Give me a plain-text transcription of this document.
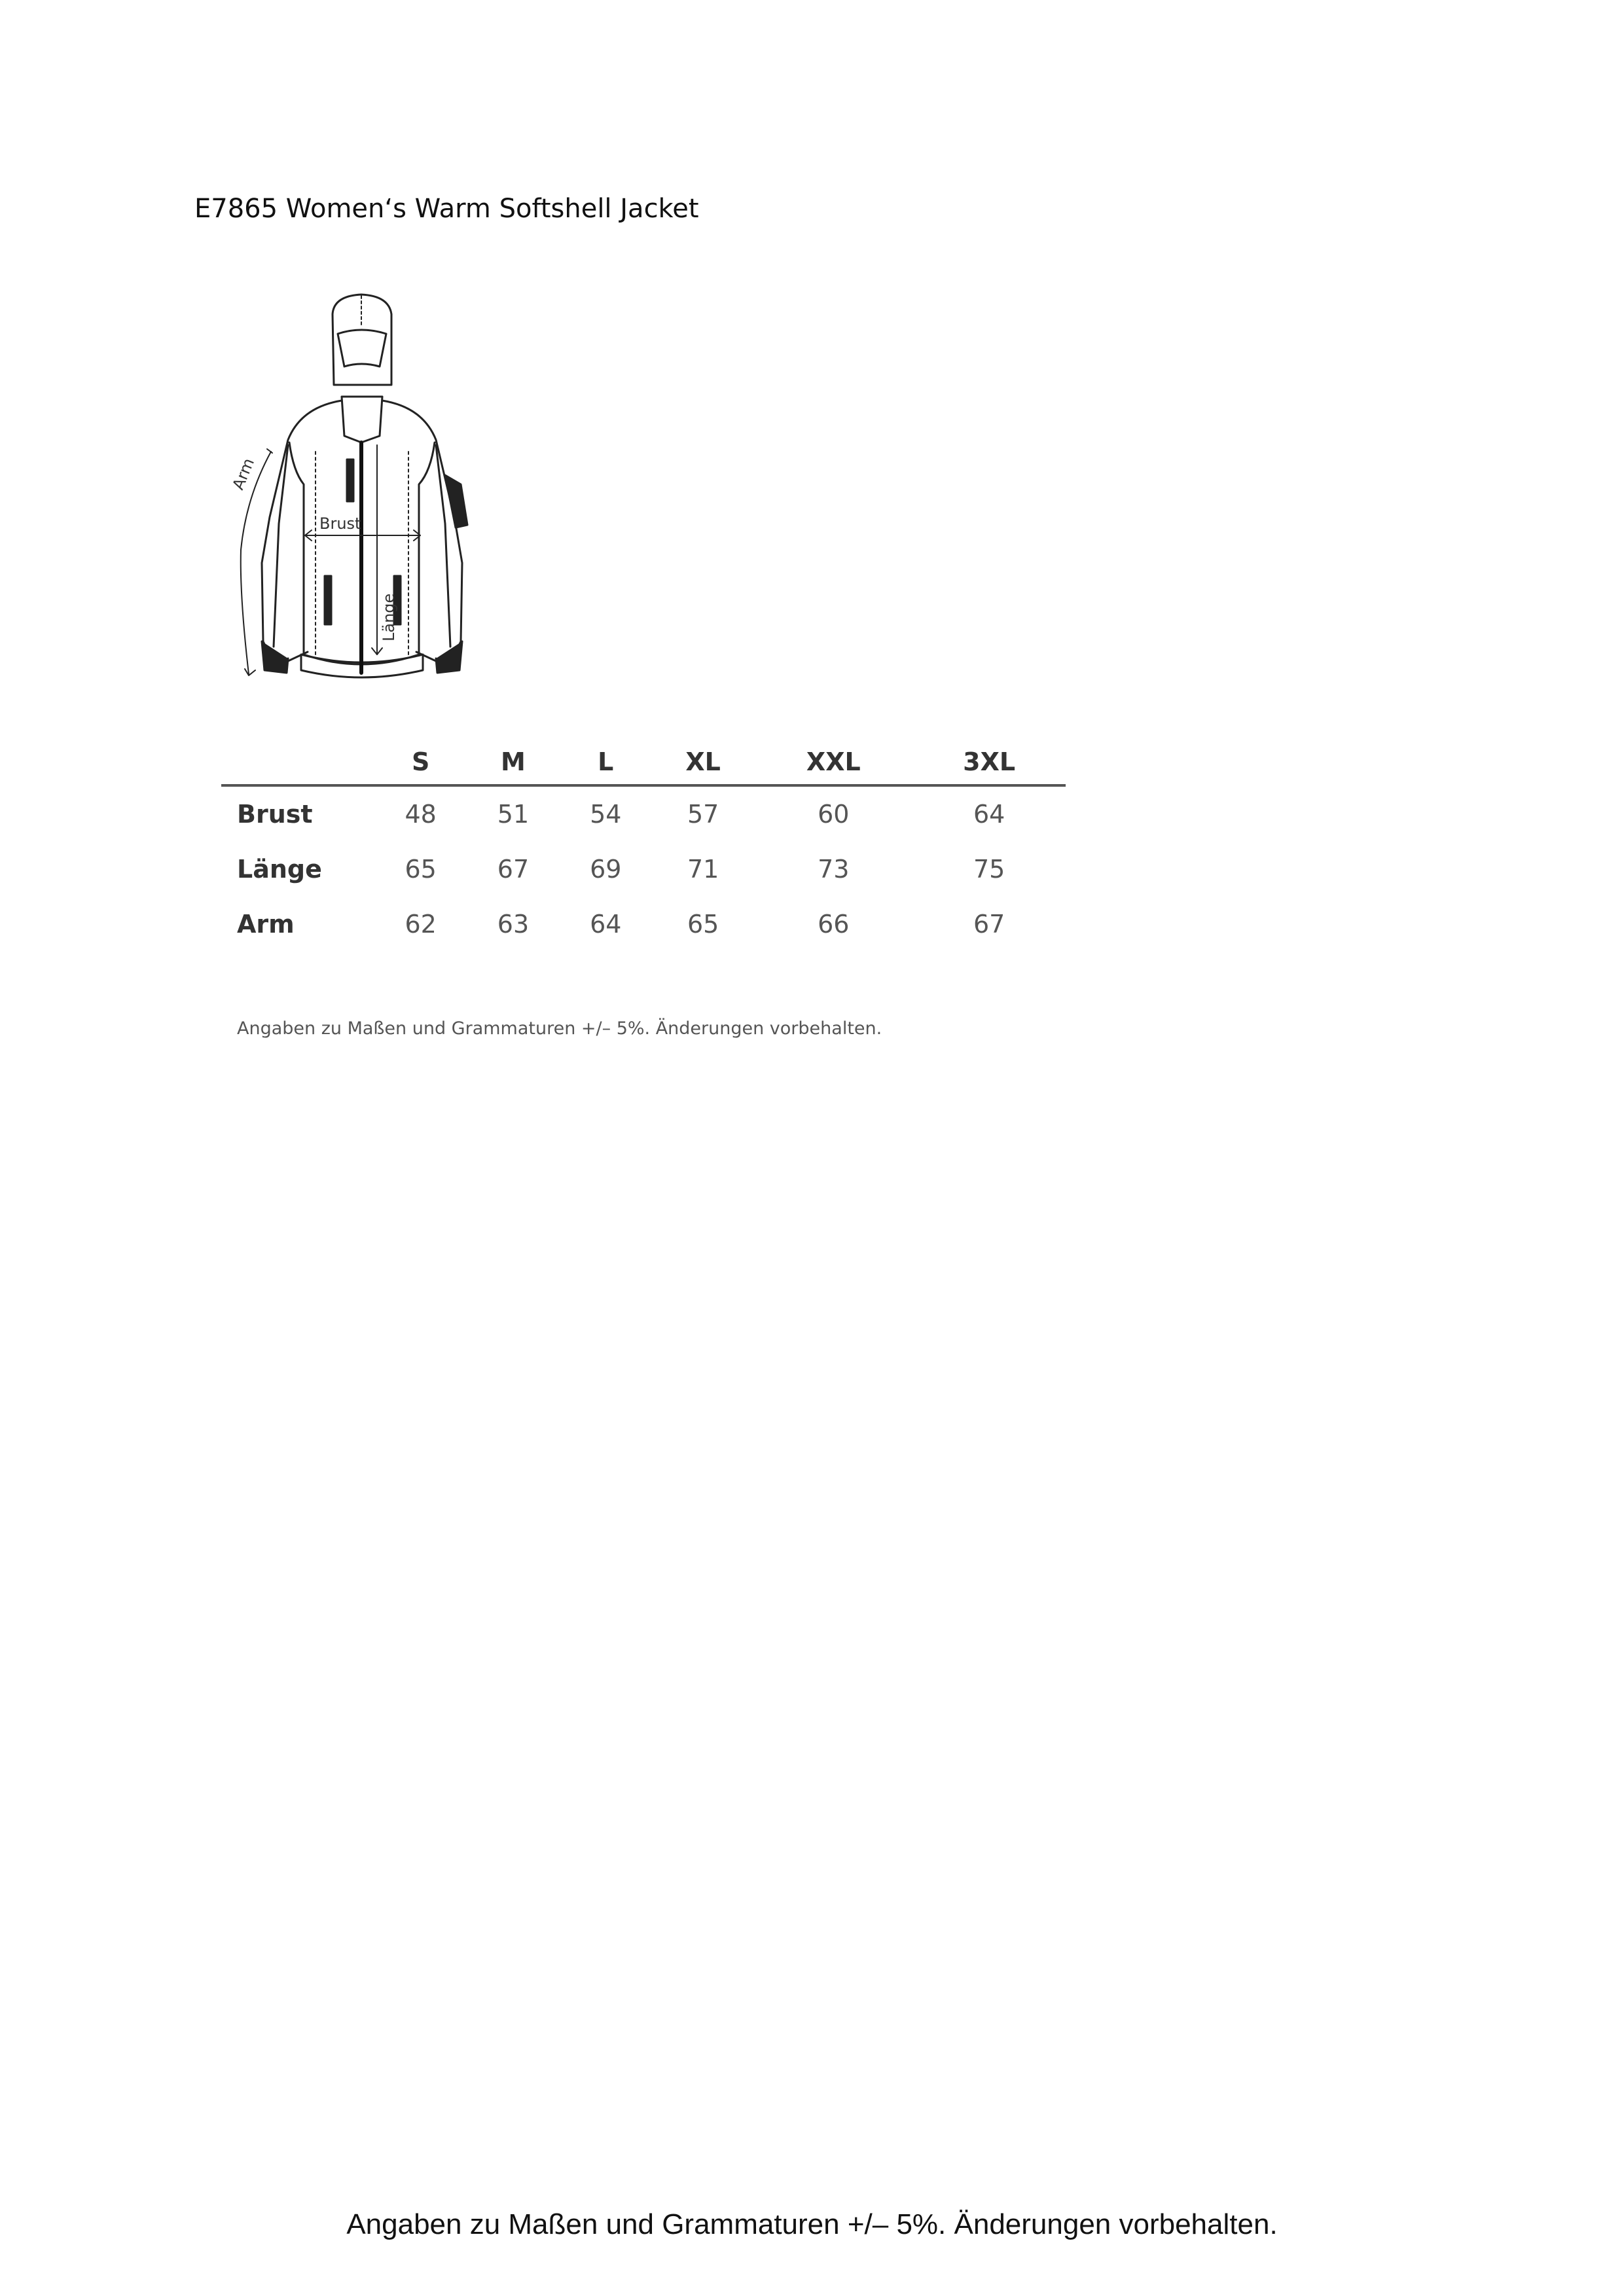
E7865 Women‘s Warm Softshell Jacket
Brust
Länge
Arm
	S	M	L	XL	XXL	3XL
Brust	48	51	54	57	60	64
Länge	65	67	69	71	73	75
Arm	62	63	64	65	66	67
Angaben zu Maßen und Grammaturen +/– 5%. Änderungen vorbehalten.
Angaben zu Maßen und Grammaturen +/– 5%. Änderungen vorbehalten.
